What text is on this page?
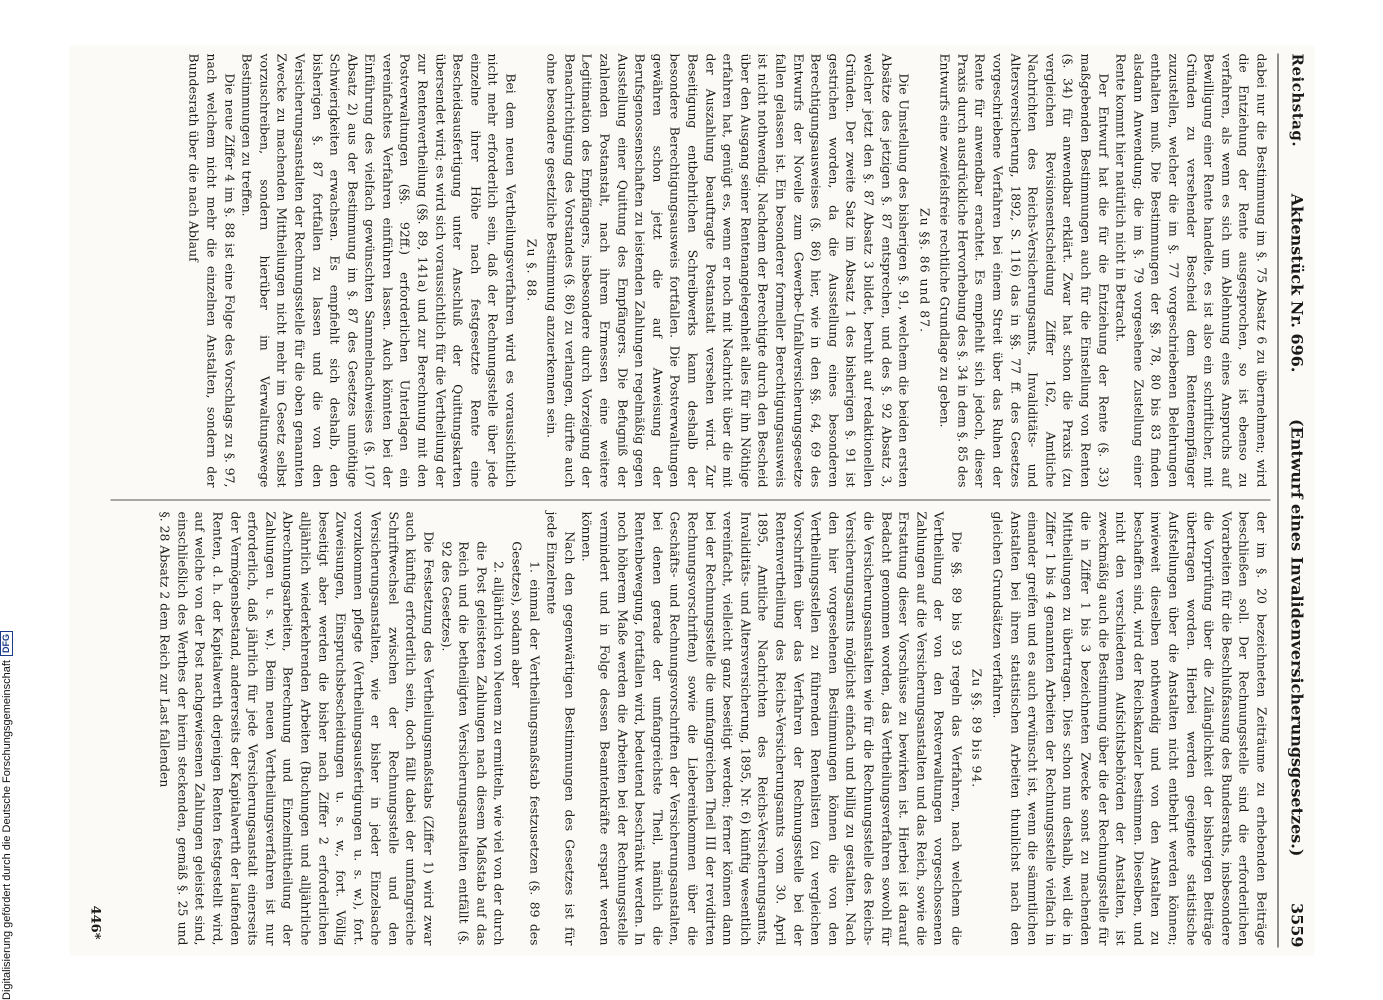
Reichstag.
Aktenstück Nr. 696.
(Entwurf eines Invalidenversicherungsgesetzes.)
3559

dabei nur die Bestimmung im §. 75 Absatz 6 zu übernehmen; wird die Entziehung der Rente ausgesprochen, so ist ebenso zu verfahren, als wenn es sich um Ablehnung eines Anspruchs auf Bewilligung einer Rente handelte, es ist also ein schriftlicher, mit Gründen zu versehender Bescheid dem Rentenempfänger zuzustellen, welcher die im §. 77 vorgeschriebenen Belehrungen enthalten muß. Die Bestimmungen der §§. 78, 80 bis 83 finden alsdann Anwendung; die im §. 79 vorgesehene Zustellung einer Rente kommt hier natürlich nicht in Betracht.

Der Entwurf hat die für die Entziehung der Rente (§. 33) maßgebenden Bestimmungen auch für die Einstellung von Renten (§. 34) für anwendbar erklärt. Zwar hat schon die Praxis (zu vergleichen Revisionsentscheidung Ziffer 162, Amtliche Nachrichten des Reichs-Versicherungsamts, Invaliditäts- und Altersversicherung, 1892, S. 116) das in §§. 77 ff. des Gesetzes vorgeschriebene Verfahren bei einem Streit über das Ruhen der Rente für anwendbar erachtet. Es empfiehlt sich jedoch, dieser Praxis durch ausdrückliche Hervorhebung des §. 34 in dem §. 85 des Entwurfs eine zweifelsfreie rechtliche Grundlage zu geben.

Zu §§. 86 und 87.

Die Umstellung des bisherigen §. 91, welchem die beiden ersten Absätze des jetzigen §. 87 entsprechen, und des §. 92 Absatz 3, welcher jetzt den §. 87 Absatz 3 bildet, beruht auf redaktionellen Gründen. Der zweite Satz im Absatz 1 des bisherigen §. 91 ist gestrichen worden, da die Ausstellung eines besonderen Berechtigungsausweises (§. 86) hier, wie in den §§. 64, 69 des Entwurfs der Novelle zum Gewerbe-Unfallversicherungsgesetze fallen gelassen ist. Ein besonderer formeller Berechtigungsausweis ist nicht nothwendig. Nachdem der Berechtigte durch den Bescheid über den Ausgang seiner Rentenangelegenheit alles für ihn Nöthige erfahren hat, genügt es, wenn er noch mit Nachricht über die mit der Auszahlung beauftragte Postanstalt versehen wird. Zur Beseitigung entbehrlichen Schreibwerks kann deshalb der besondere Berechtigungsausweis fortfallen. Die Postverwaltungen gewähren schon jetzt die auf Anweisung der Berufsgenossenschaften zu leistenden Zahlungen regelmäßig gegen Ausstellung einer Quittung des Empfängers. Die Befugniß der zahlenden Postanstalt, nach ihrem Ermessen eine weitere Legitimation des Empfängers, insbesondere durch Vorzeigung der Benachrichtigung des Vorstandes (§. 86) zu verlangen, dürfte auch ohne besondere gesetzliche Bestimmung anzuerkennen sein.

Zu §. 88.

Bei dem neuen Vertheilungsverfahren wird es voraussichtlich nicht mehr erforderlich sein, daß der Rechnungsstelle über jede einzelne ihrer Höhe nach festgesetzte Rente eine Bescheidsausfertigung unter Anschluß der Quittungskarten übersendet wird; es wird sich voraussichtlich für die Vertheilung der zur Rentenvertheilung (§§. 89, 141a) und zur Berechnung mit den Postverwaltungen (§§. 92ff.) erforderlichen Unterlagen ein vereinfachtes Verfahren einführen lassen. Auch könnten bei der Einführung des vielfach gewünschten Sammelnachweises (§. 107 Absatz 2) aus der Bestimmung im §. 87 des Gesetzes unnöthige Schwierigkeiten erwachsen. Es empfiehlt sich deshalb, den bisherigen §. 87 fortfallen zu lassen und die von den Versicherungsanstalten der Rechnungsstelle für die oben genannten Zwecke zu machenden Mittheilungen nicht mehr im Gesetz selbst vorzuschreiben, sondern hierüber im Verwaltungswege Bestimmungen zu treffen.

Die neue Ziffer 4 im §. 88 ist eine Folge des Vorschlags zu §. 97, nach welchem nicht mehr die einzelnen Anstalten, sondern der Bundesrath über die nach Ablauf

der im §. 20 bezeichneten Zeiträume zu erhebenden Beiträge beschließen soll. Der Rechnungsstelle sind die erforderlichen Vorarbeiten für die Beschlußfassung des Bundesraths, insbesondere die Vorprüfung über die Zulänglichkeit der bisherigen Beiträge übertragen worden. Hierbei werden geeignete statistische Aufstellungen über die Anstalten nicht entbehrt werden können; inwieweit dieselben nothwendig und von den Anstalten zu beschaffen sind, wird der Reichskanzler bestimmen. Dieselben, und nicht den verschiedenen Aufsichtsbehörden der Anstalten, ist zweckmäßig auch die Bestimmung über die der Rechnungsstelle für die in Ziffer 1 bis 3 bezeichneten Zwecke sonst zu machenden Mittheilungen zu übertragen. Dies schon nun deshalb, weil die in Ziffer 1 bis 4 genannten Arbeiten der Rechnungsstelle vielfach in einander greifen und es auch erwünscht ist, wenn die sämmtlichen Anstalten bei ihren statistischen Arbeiten thunlichst nach den gleichen Grundsätzen verfahren.

Zu §§. 89 bis 94.

Die §§. 89 bis 93 regeln das Verfahren, nach welchem die Vertheilung der von den Postverwaltungen vorgeschossenen Zahlungen auf die Versicherungsanstalten und das Reich, sowie die Erstattung dieser Vorschüsse zu bewirken ist. Hierbei ist darauf Bedacht genommen worden, das Vertheilungsverfahren sowohl für die Versicherungsanstalten wie für die Rechnungsstelle des Reichs-Versicherungsamts möglichst einfach und billig zu gestalten. Nach den hier vorgesehenen Bestimmungen können die von den Vertheilungsstellen zu führenden Rentenlisten (zu vergleichen Vorschriften über das Verfahren der Rechnungsstelle bei der Rentenvertheilung des Reichs-Versicherungsamts vom 30. April 1895, Amtliche Nachrichten des Reichs-Versicherungsamts, Invaliditäts- und Altersversicherung, 1895, Nr. 6) künftig wesentlich vereinfacht, vielleicht ganz beseitigt werden; ferner können dann bei der Rechnungsstelle die umfangreichen Theil III der revidirten Rechnungsvorschriften) sowie die Liebereinkommen über die Geschäfts- und Rechnungsvorschriften der Versicherungsanstalten, bei denen gerade der umfangreichste Theil, nämlich die Rentenbewegung, fortfallen wird, bedeutend beschränkt werden. In noch höherem Maße werden die Arbeiten bei der Rechnungsstelle vermindert und in Folge dessen Beamtenkräfte erspart werden können.

Nach den gegenwärtigen Bestimmungen des Gesetzes ist für jede Einzelrente

1. einmal der Vertheilungsmaßstab festzusetzen (§. 89 des Gesetzes), sodann aber

2. alljährlich von Neuem zu ermitteln, wie viel von der durch die Post geleisteten Zahlungen nach diesem Maßstab auf das Reich und die betheiligten Versicherungsanstalten entfällt (§. 92 des Gesetzes).

Die Festsetzung des Vertheilungsmaßstabs (Ziffer 1) wird zwar auch künftig erforderlich sein, doch fällt dabei der umfangreiche Schriftwechsel zwischen der Rechnungsstelle und den Versicherungsanstalten, wie er bisher in jeder Einzelsache vorzukommen pflegte (Vertheilungsausfertigungen u. s. w.), fort. Zuweisungen, Einspruchsbescheidungen u. s. w., fort. Völlig beseitigt aber werden die bisher nach Ziffer 2 erforderlichen alljährlich wiederkehrenden Arbeiten (Buchungen und alljährliche Abrechnungsarbeiten, Berechnung und Einzelmittheilung der Zahlungen u. s. w.). Beim neuen Vertheilungsverfahren ist nur erforderlich, daß jährlich für jede Versicherungsanstalt einerseits der Vermögensbestand, andererseits der Kapitalwerth der laufenden Renten, d. h. der Kapitalwerth derjenigen Renten festgestellt wird, auf welche von der Post nachgewiesenen Zahlungen geleistet sind, einschließlich des Werthes der hierin steckenden, gemäß §. 25 und §. 28 Absatz 2 dem Reich zur Last fallenden

446*
Digitalisierung gefördert durch die Deutsche Forschungsgemeinschaft
DFG
